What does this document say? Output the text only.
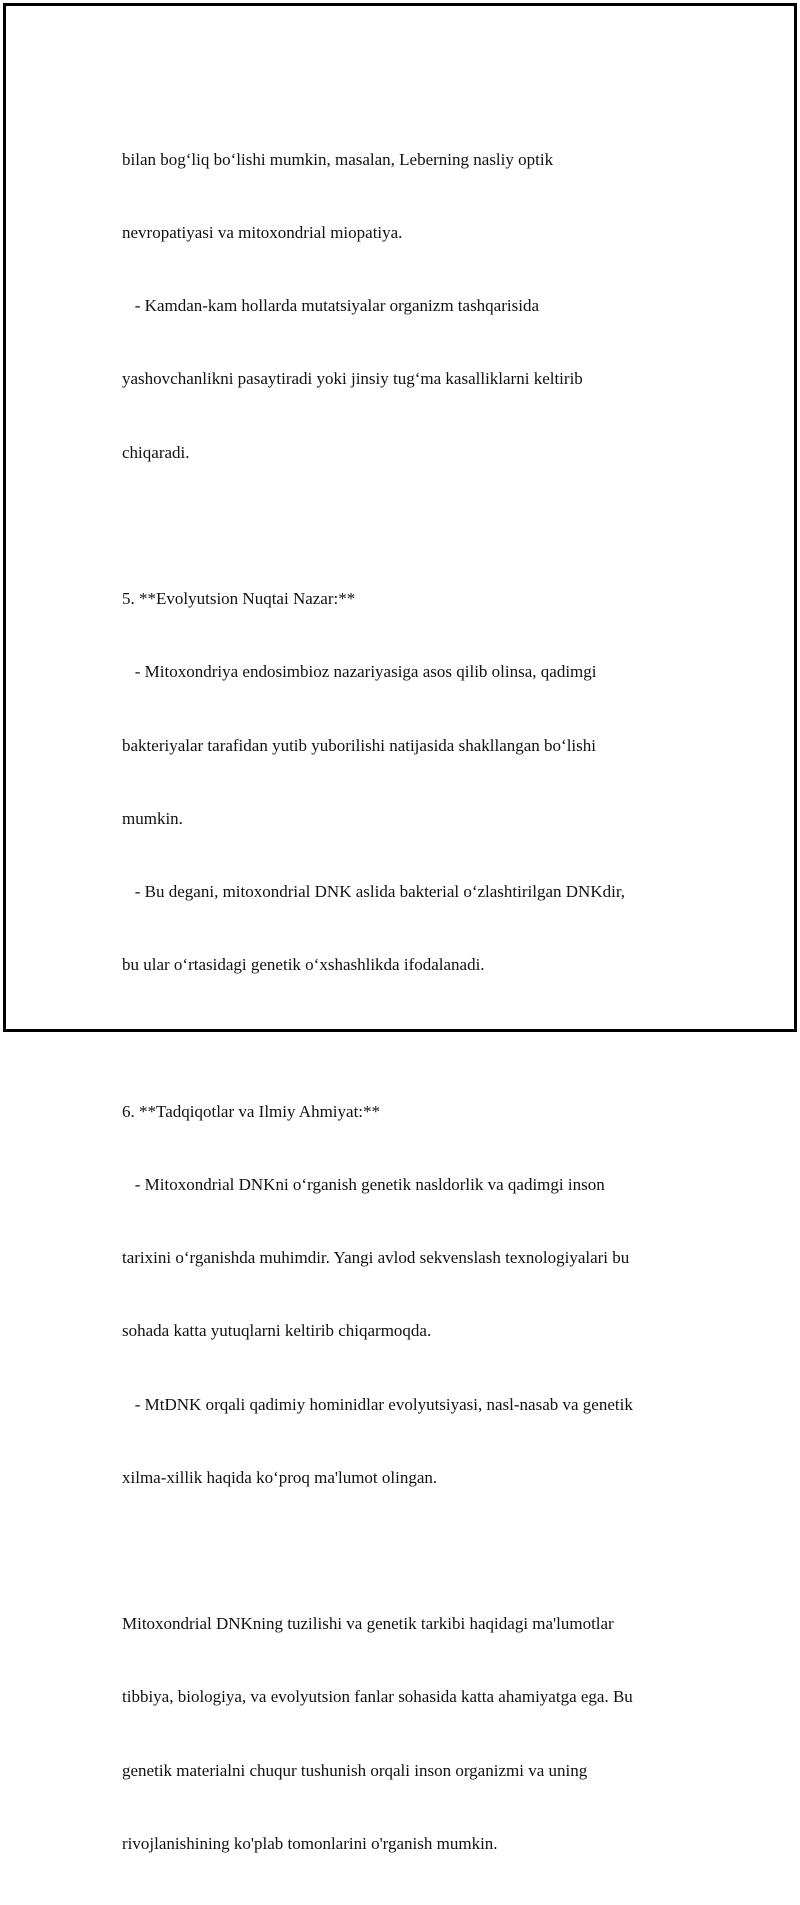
bilan bog‘liq bo‘lishi mumkin, masalan, Leberning nasliy optik

nevropatiyasi va mitoxondrial miopatiya.

- Kamdan-kam hollarda mutatsiyalar organizm tashqarisida

yashovchanlikni pasaytiradi yoki jinsiy tug‘ma kasalliklarni keltirib

chiqaradi.

5. **Evolyutsion Nuqtai Nazar:**

- Mitoxondriya endosimbioz nazariyasiga asos qilib olinsa, qadimgi

bakteriyalar tarafidan yutib yuborilishi natijasida shakllangan bo‘lishi

mumkin.

- Bu degani, mitoxondrial DNK aslida bakterial o‘zlashtirilgan DNKdir,

bu ular o‘rtasidagi genetik o‘xshashlikda ifodalanadi.

6. **Tadqiqotlar va Ilmiy Ahmiyat:**

- Mitoxondrial DNKni o‘rganish genetik nasldorlik va qadimgi inson

tarixini o‘rganishda muhimdir. Yangi avlod sekvenslash texnologiyalari bu

sohada katta yutuqlarni keltirib chiqarmoqda.

- MtDNK orqali qadimiy hominidlar evolyutsiyasi, nasl-nasab va genetik

xilma-xillik haqida ko‘proq ma'lumot olingan.

Mitoxondrial DNKning tuzilishi va genetik tarkibi haqidagi ma'lumotlar

tibbiya, biologiya, va evolyutsion fanlar sohasida katta ahamiyatga ega. Bu

genetik materialni chuqur tushunish orqali inson organizmi va uning

rivojlanishining ko'plab tomonlarini o'rganish mumkin.
